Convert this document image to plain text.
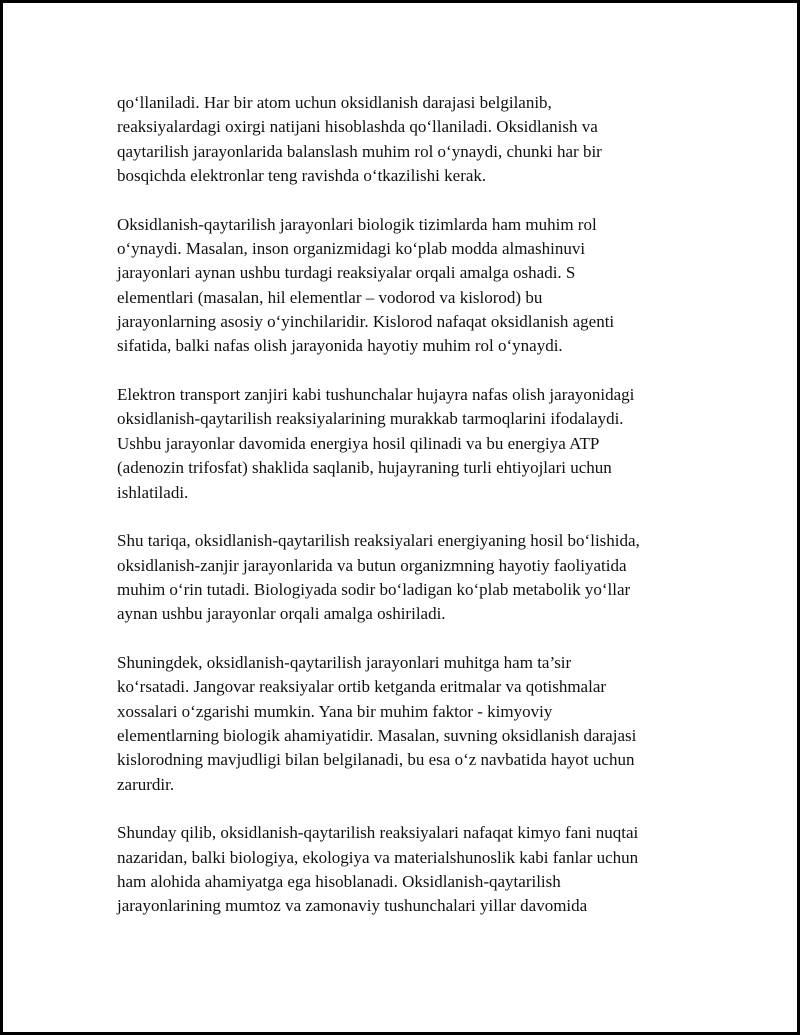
qo‘llaniladi. Har bir atom uchun oksidlanish darajasi belgilanib,
reaksiyalardagi oxirgi natijani hisoblashda qo‘llaniladi. Oksidlanish va
qaytarilish jarayonlarida balanslash muhim rol o‘ynaydi, chunki har bir
bosqichda elektronlar teng ravishda o‘tkazilishi kerak.
Oksidlanish-qaytarilish jarayonlari biologik tizimlarda ham muhim rol
o‘ynaydi. Masalan, inson organizmidagi ko‘plab modda almashinuvi
jarayonlari aynan ushbu turdagi reaksiyalar orqali amalga oshadi. S
elementlari (masalan, hil elementlar – vodorod va kislorod) bu
jarayonlarning asosiy o‘yinchilaridir. Kislorod nafaqat oksidlanish agenti
sifatida, balki nafas olish jarayonida hayotiy muhim rol o‘ynaydi.
Elektron transport zanjiri kabi tushunchalar hujayra nafas olish jarayonidagi
oksidlanish-qaytarilish reaksiyalarining murakkab tarmoqlarini ifodalaydi.
Ushbu jarayonlar davomida energiya hosil qilinadi va bu energiya ATP
(adenozin trifosfat) shaklida saqlanib, hujayraning turli ehtiyojlari uchun
ishlatiladi.
Shu tariqa, oksidlanish-qaytarilish reaksiyalari energiyaning hosil bo‘lishida,
oksidlanish-zanjir jarayonlarida va butun organizmning hayotiy faoliyatida
muhim o‘rin tutadi. Biologiyada sodir bo‘ladigan ko‘plab metabolik yo‘llar
aynan ushbu jarayonlar orqali amalga oshiriladi.
Shuningdek, oksidlanish-qaytarilish jarayonlari muhitga ham ta’sir
ko‘rsatadi. Jangovar reaksiyalar ortib ketganda eritmalar va qotishmalar
xossalari o‘zgarishi mumkin. Yana bir muhim faktor - kimyoviy
elementlarning biologik ahamiyatidir. Masalan, suvning oksidlanish darajasi
kislorodning mavjudligi bilan belgilanadi, bu esa o‘z navbatida hayot uchun
zarurdir.
Shunday qilib, oksidlanish-qaytarilish reaksiyalari nafaqat kimyo fani nuqtai
nazaridan, balki biologiya, ekologiya va materialshunoslik kabi fanlar uchun
ham alohida ahamiyatga ega hisoblanadi. Oksidlanish-qaytarilish
jarayonlarining mumtoz va zamonaviy tushunchalari yillar davomida
